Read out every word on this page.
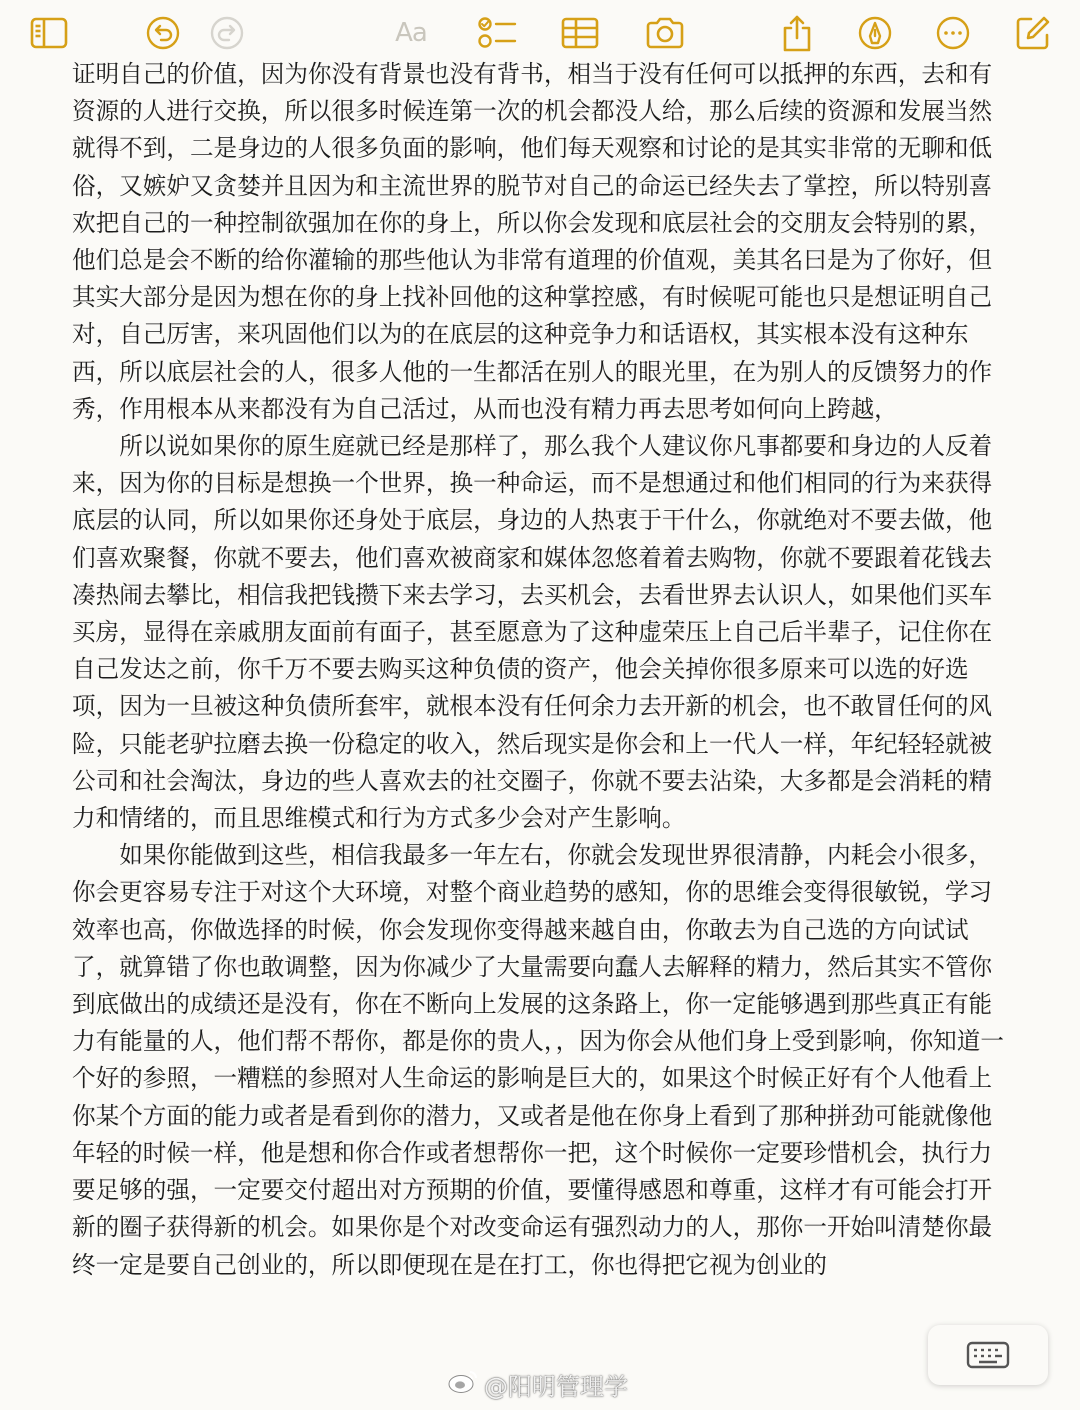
Aa

证明自己的价值，因为你没有背景也没有背书，相当于没有任何可以抵押的东西，去和有资源的人进行交换，所以很多时候连第一次的机会都没人给，那么后续的资源和发展当然就得不到，二是身边的人很多负面的影响，他们每天观察和讨论的是其实非常的无聊和低俗，又嫉妒又贪婪并且因为和主流世界的脱节对自己的命运已经失去了掌控，所以特别喜欢把自己的一种控制欲强加在你的身上，所以你会发现和底层社会的交朋友会特别的累，他们总是会不断的给你灌输的那些他认为非常有道理的价值观，美其名曰是为了你好，但其实大部分是因为想在你的身上找补回他的这种掌控感，有时候呢可能也只是想证明自己对，自己厉害，来巩固他们以为的在底层的这种竞争力和话语权，其实根本没有这种东西，所以底层社会的人，很多人他的一生都活在别人的眼光里，在为别人的反馈努力的作秀，作用根本从来都没有为自己活过，从而也没有精力再去思考如何向上跨越，

所以说如果你的原生庭就已经是那样了，那么我个人建议你凡事都要和身边的人反着来，因为你的目标是想换一个世界，换一种命运，而不是想通过和他们相同的行为来获得底层的认同，所以如果你还身处于底层，身边的人热衷于干什么，你就绝对不要去做，他们喜欢聚餐，你就不要去，他们喜欢被商家和媒体忽悠着着去购物，你就不要跟着花钱去凑热闹去攀比，相信我把钱攒下来去学习，去买机会，去看世界去认识人，如果他们买车买房，显得在亲戚朋友面前有面子，甚至愿意为了这种虚荣压上自己后半辈子，记住你在自己发达之前，你千万不要去购买这种负债的资产，他会关掉你很多原来可以选的好选项，因为一旦被这种负债所套牢，就根本没有任何余力去开新的机会，也不敢冒任何的风险，只能老驴拉磨去换一份稳定的收入，然后现实是你会和上一代人一样，年纪轻轻就被公司和社会淘汰，身边的些人喜欢去的社交圈子，你就不要去沾染，大多都是会消耗的精力和情绪的，而且思维模式和行为方式多少会对产生影响。

如果你能做到这些，相信我最多一年左右，你就会发现世界很清静，内耗会小很多，你会更容易专注于对这个大环境，对整个商业趋势的感知，你的思维会变得很敏锐，学习效率也高，你做选择的时候，你会发现你变得越来越自由，你敢去为自己选的方向试试了，就算错了你也敢调整，因为你减少了大量需要向蠢人去解释的精力，然后其实不管你到底做出的成绩还是没有，你在不断向上发展的这条路上，你一定能够遇到那些真正有能力有能量的人，他们帮不帮你，都是你的贵人，，因为你会从他们身上受到影响，你知道一个好的参照，一糟糕的参照对人生命运的影响是巨大的，如果这个时候正好有个人他看上你某个方面的能力或者是看到你的潜力，又或者是他在你身上看到了那种拼劲可能就像他年轻的时候一样，他是想和你合作或者想帮你一把，这个时候你一定要珍惜机会，执行力要足够的强，一定要交付超出对方预期的价值，要懂得感恩和尊重，这样才有可能会打开新的圈子获得新的机会。如果你是个对改变命运有强烈动力的人，那你一开始叫清楚你最终一定是要自己创业的，所以即便现在是在打工，你也得把它视为创业的

@阳明管理学
